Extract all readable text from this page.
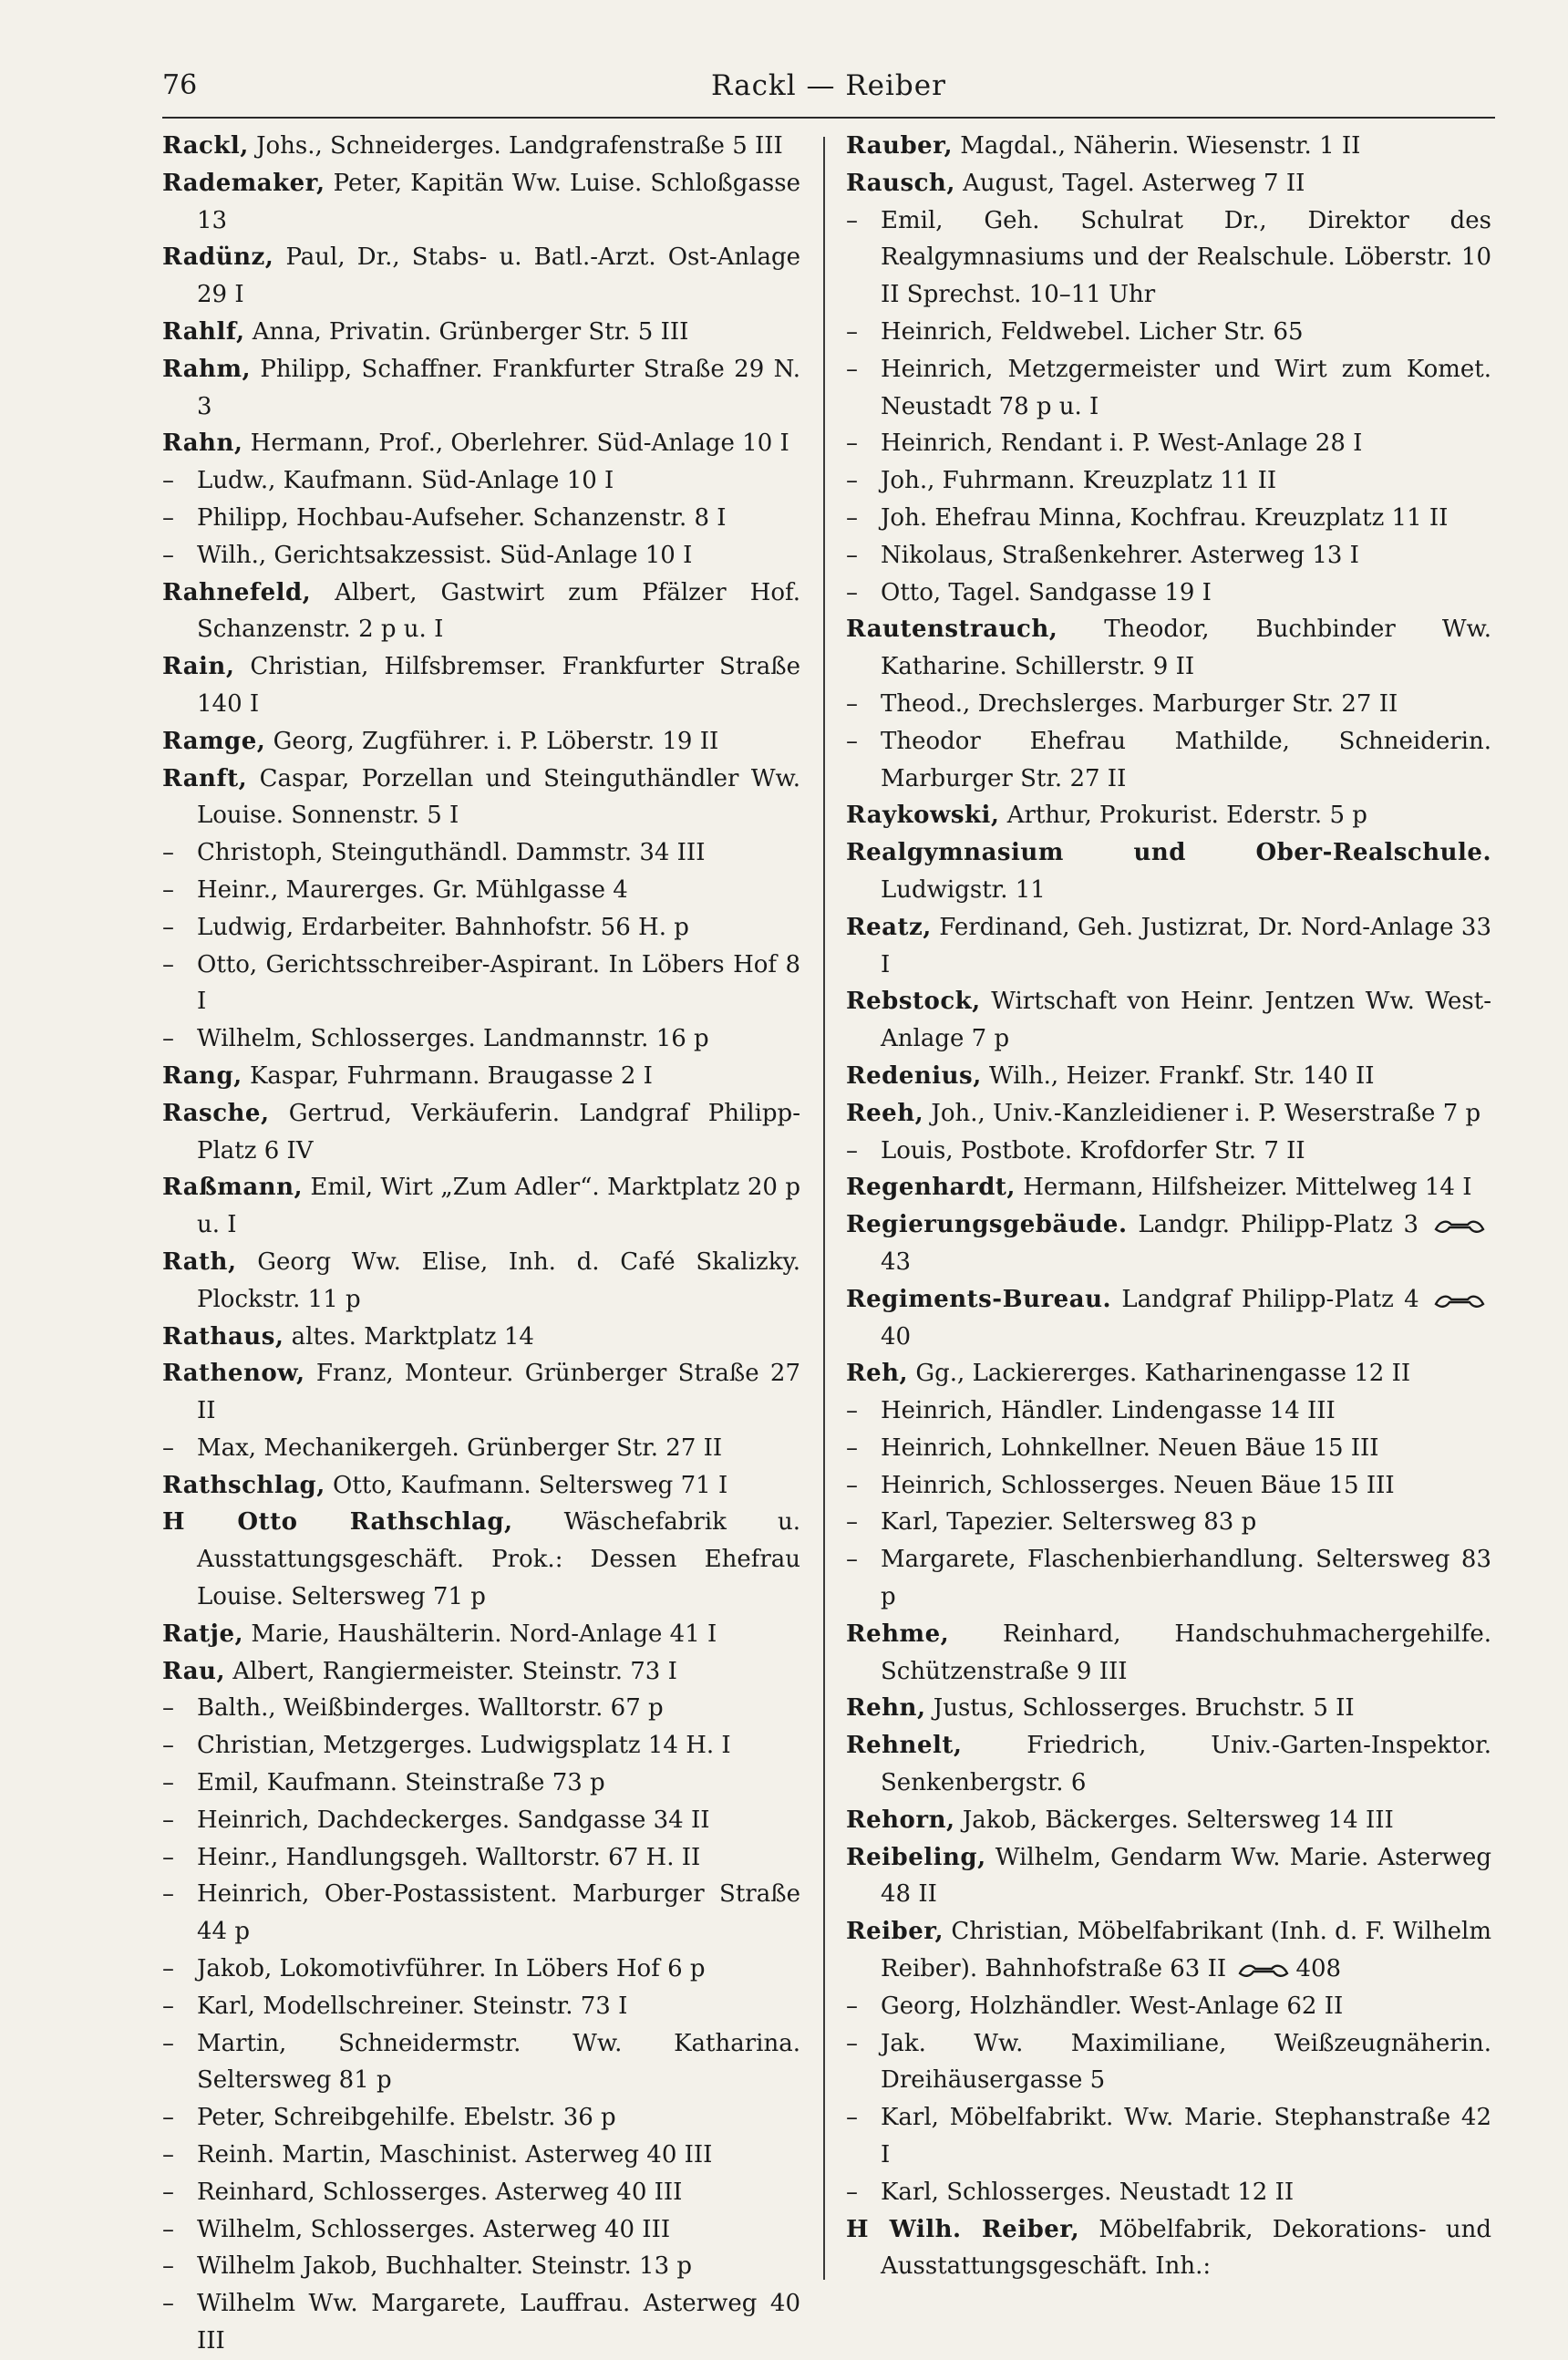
76	Rackl — Reiber

Rackl, Johs., Schneiderges. Landgrafenstraße 5 III

Rademaker, Peter, Kapitän Ww. Luise. Schloßgasse 13

Radünz, Paul, Dr., Stabs- u. Batl.-Arzt. Ost-Anlage 29 I

Rahlf, Anna, Privatin. Grünberger Str. 5 III

Rahm, Philipp, Schaffner. Frankfurter Straße 29 N. 3

Rahn, Hermann, Prof., Oberlehrer. Süd-Anlage 10 I

– Ludw., Kaufmann. Süd-Anlage 10 I

– Philipp, Hochbau-Aufseher. Schanzenstr. 8 I

– Wilh., Gerichtsakzessist. Süd-Anlage 10 I

Rahnefeld, Albert, Gastwirt zum Pfälzer Hof. Schanzenstr. 2 p u. I

Rain, Christian, Hilfsbremser. Frankfurter Straße 140 I

Ramge, Georg, Zugführer. i. P. Löberstr. 19 II

Ranft, Caspar, Porzellan und Steinguthändler Ww. Louise. Sonnenstr. 5 I

– Christoph, Steinguthändl. Dammstr. 34 III

– Heinr., Maurerges. Gr. Mühlgasse 4

– Ludwig, Erdarbeiter. Bahnhofstr. 56 H. p

– Otto, Gerichtsschreiber-Aspirant. In Löbers Hof 8 I

– Wilhelm, Schlosserges. Landmannstr. 16 p

Rang, Kaspar, Fuhrmann. Braugasse 2 I

Rasche, Gertrud, Verkäuferin. Landgraf Philipp-Platz 6 IV

Raßmann, Emil, Wirt „Zum Adler“. Marktplatz 20 p u. I

Rath, Georg Ww. Elise, Inh. d. Café Skalizky. Plockstr. 11 p

Rathaus, altes. Marktplatz 14

Rathenow, Franz, Monteur. Grünberger Straße 27 II

– Max, Mechanikergeh. Grünberger Str. 27 II

Rathschlag, Otto, Kaufmann. Seltersweg 71 I

H Otto Rathschlag, Wäschefabrik u. Ausstattungsgeschäft. Prok.: Dessen Ehefrau Louise. Seltersweg 71 p

Ratje, Marie, Haushälterin. Nord-Anlage 41 I

Rau, Albert, Rangiermeister. Steinstr. 73 I

– Balth., Weißbinderges. Walltorstr. 67 p

– Christian, Metzgerges. Ludwigsplatz 14 H. I

– Emil, Kaufmann. Steinstraße 73 p

– Heinrich, Dachdeckerges. Sandgasse 34 II

– Heinr., Handlungsgeh. Walltorstr. 67 H. II

– Heinrich, Ober-Postassistent. Marburger Straße 44 p

– Jakob, Lokomotivführer. In Löbers Hof 6 p

– Karl, Modellschreiner. Steinstr. 73 I

– Martin, Schneidermstr. Ww. Katharina. Seltersweg 81 p

– Peter, Schreibgehilfe. Ebelstr. 36 p

– Reinh. Martin, Maschinist. Asterweg 40 III

– Reinhard, Schlosserges. Asterweg 40 III

– Wilhelm, Schlosserges. Asterweg 40 III

– Wilhelm Jakob, Buchhalter. Steinstr. 13 p

– Wilhelm Ww. Margarete, Lauffrau. Asterweg 40 III

Rauber, Magdal., Näherin. Wiesenstr. 1 II

Rausch, August, Tagel. Asterweg 7 II

– Emil, Geh. Schulrat Dr., Direktor des Realgymnasiums und der Realschule. Löberstr. 10 II Sprechst. 10–11 Uhr

– Heinrich, Feldwebel. Licher Str. 65

– Heinrich, Metzgermeister und Wirt zum Komet. Neustadt 78 p u. I

– Heinrich, Rendant i. P. West-Anlage 28 I

– Joh., Fuhrmann. Kreuzplatz 11 II

– Joh. Ehefrau Minna, Kochfrau. Kreuzplatz 11 II

– Nikolaus, Straßenkehrer. Asterweg 13 I

– Otto, Tagel. Sandgasse 19 I

Rautenstrauch, Theodor, Buchbinder Ww. Katharine. Schillerstr. 9 II

– Theod., Drechslerges. Marburger Str. 27 II

– Theodor Ehefrau Mathilde, Schneiderin. Marburger Str. 27 II

Raykowski, Arthur, Prokurist. Ederstr. 5 p

Realgymnasium und Ober-Realschule. Ludwigstr. 11

Reatz, Ferdinand, Geh. Justizrat, Dr. Nord-Anlage 33 I

Rebstock, Wirtschaft von Heinr. Jentzen Ww. West-Anlage 7 p

Redenius, Wilh., Heizer. Frankf. Str. 140 II

Reeh, Joh., Univ.-Kanzleidiener i. P. Weserstraße 7 p

– Louis, Postbote. Krofdorfer Str. 7 II

Regenhardt, Hermann, Hilfsheizer. Mittelweg 14 I

Regierungsgebäude. Landgr. Philipp-Platz 3 43

Regiments-Bureau. Landgraf Philipp-Platz 4 40

Reh, Gg., Lackiererges. Katharinengasse 12 II

– Heinrich, Händler. Lindengasse 14 III

– Heinrich, Lohnkellner. Neuen Bäue 15 III

– Heinrich, Schlosserges. Neuen Bäue 15 III

– Karl, Tapezier. Seltersweg 83 p

– Margarete, Flaschenbierhandlung. Seltersweg 83 p

Rehme, Reinhard, Handschuhmachergehilfe. Schützenstraße 9 III

Rehn, Justus, Schlosserges. Bruchstr. 5 II

Rehnelt, Friedrich, Univ.-Garten-Inspektor. Senkenbergstr. 6

Rehorn, Jakob, Bäckerges. Seltersweg 14 III

Reibeling, Wilhelm, Gendarm Ww. Marie. Asterweg 48 II

Reiber, Christian, Möbelfabrikant (Inh. d. F. Wilhelm Reiber). Bahnhofstraße 63 II	408

– Georg, Holzhändler. West-Anlage 62 II

– Jak. Ww. Maximiliane, Weißzeugnäherin. Dreihäusergasse 5

– Karl, Möbelfabrikt. Ww. Marie. Stephanstraße 42 I

– Karl, Schlosserges. Neustadt 12 II

H Wilh. Reiber, Möbelfabrik, Dekorations- und Ausstattungsgeschäft. Inh.:
